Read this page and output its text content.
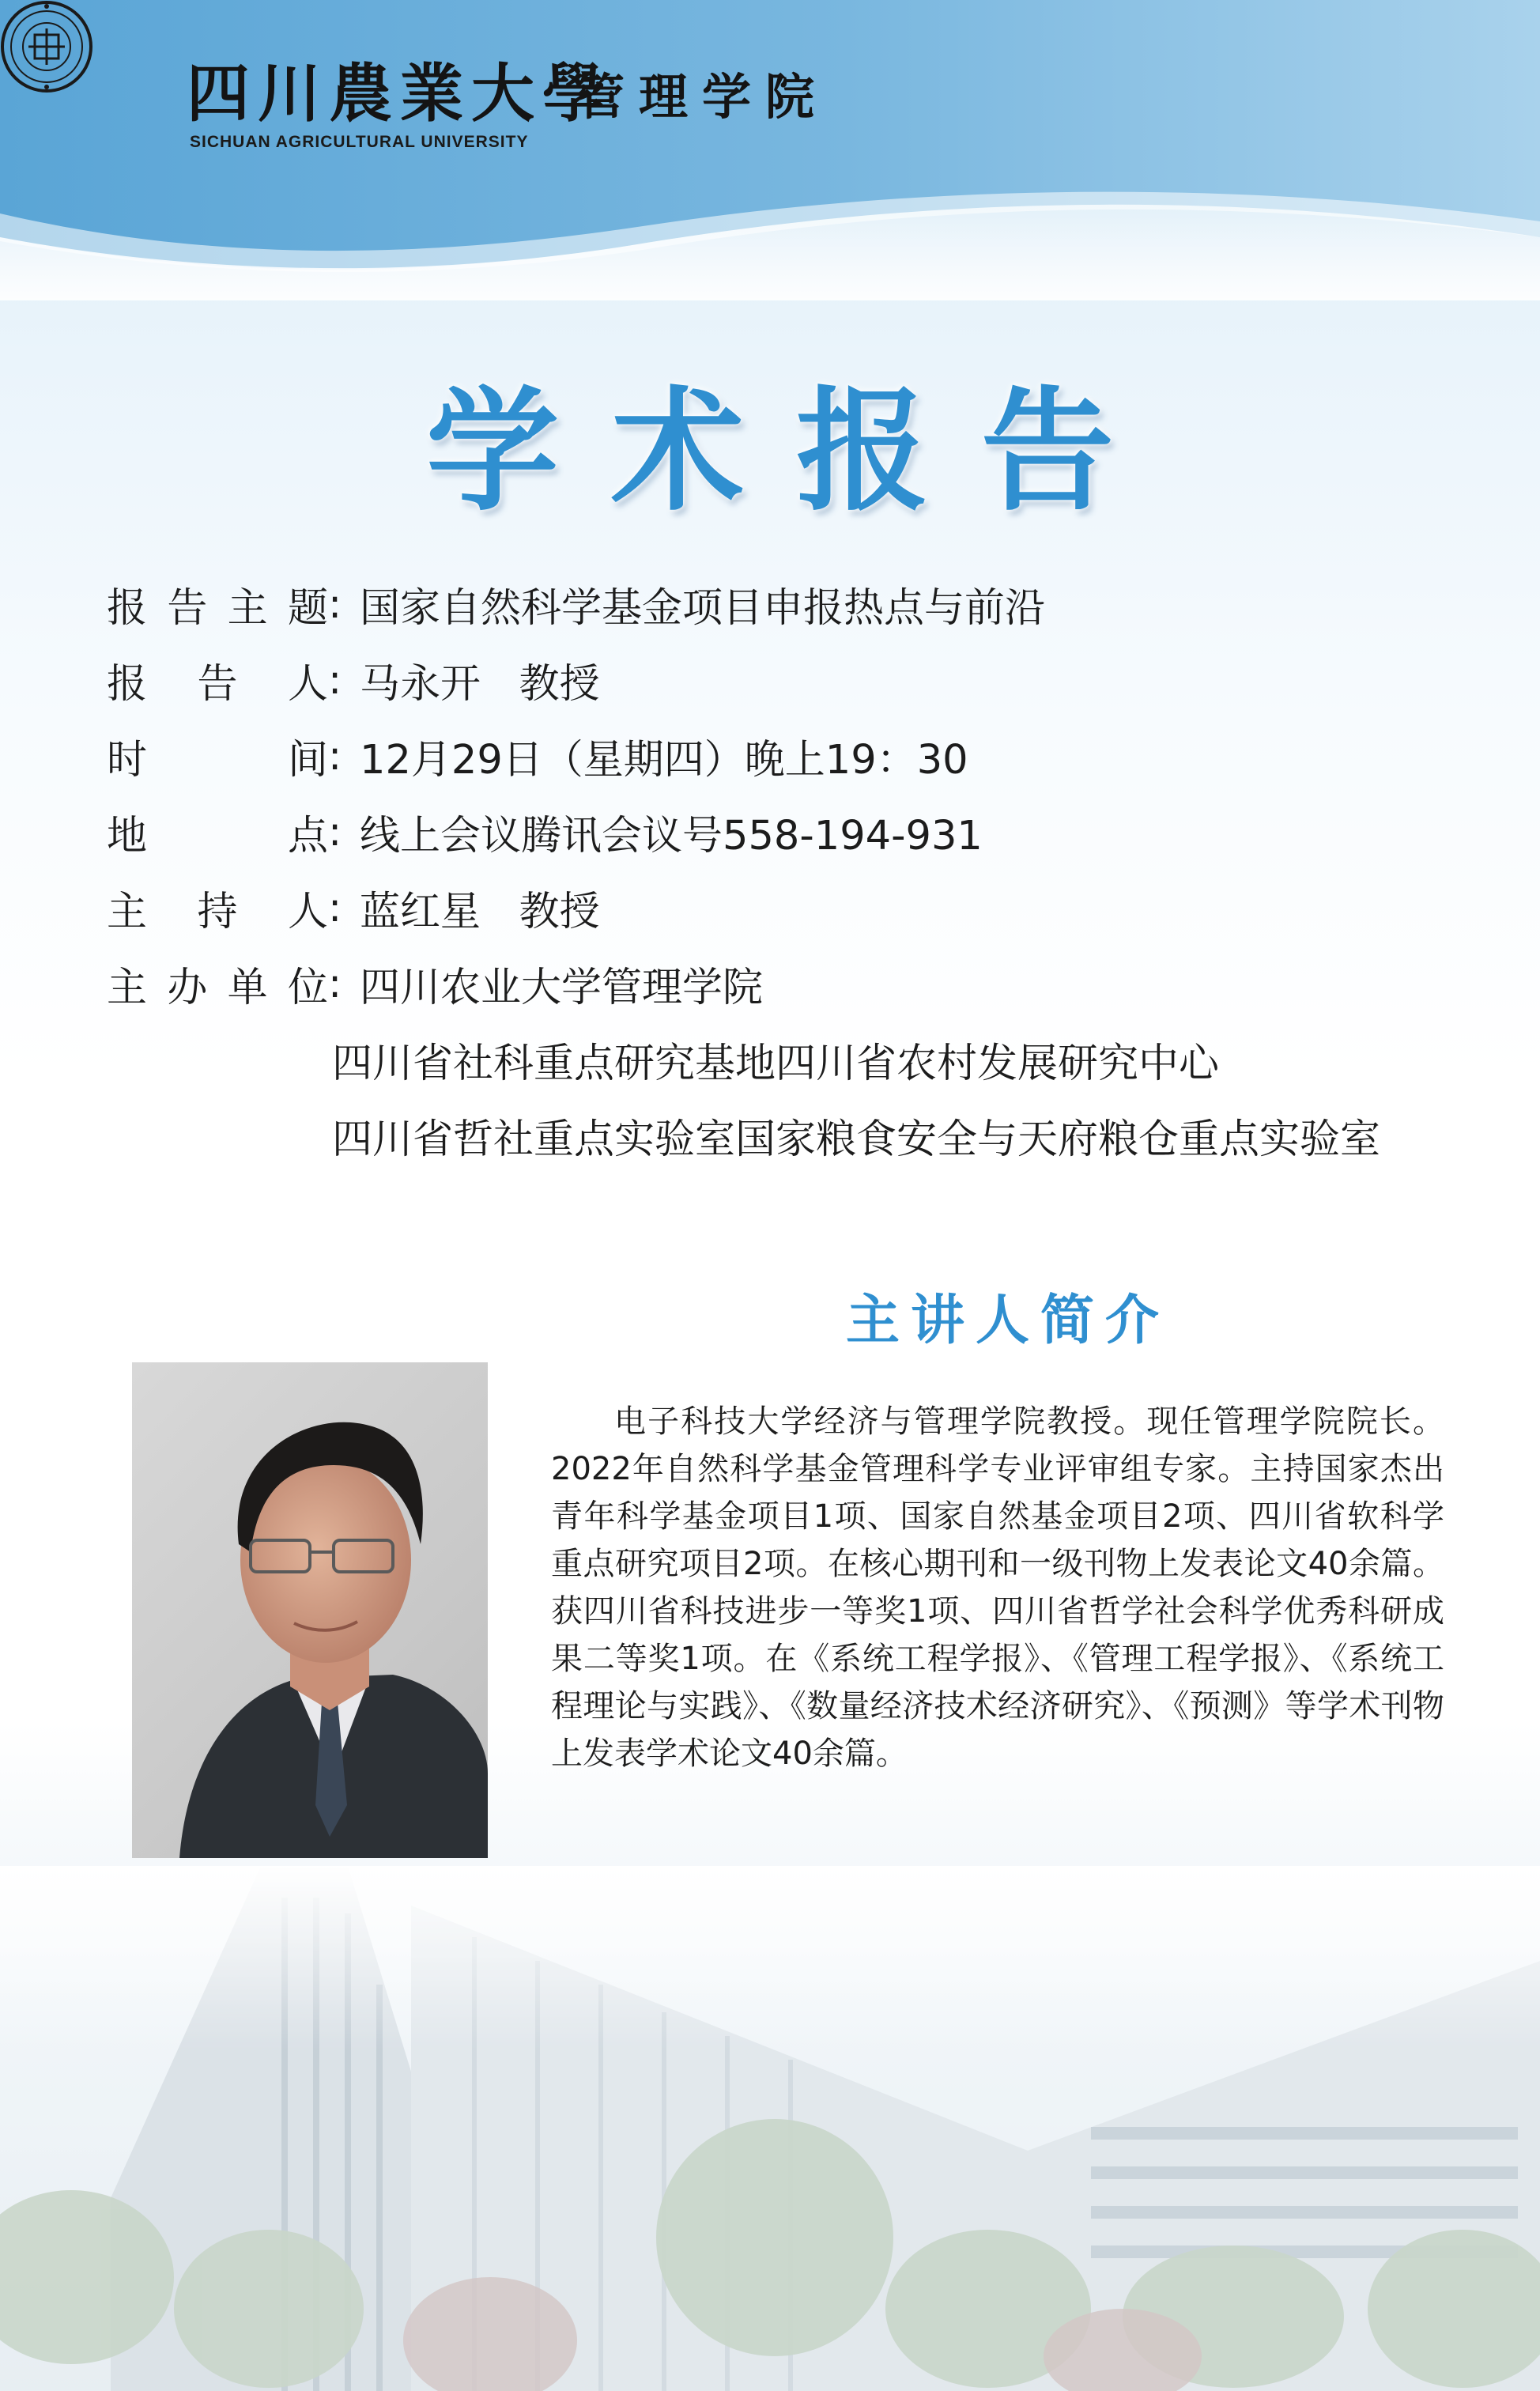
四川農業大學
SICHUAN AGRICULTURAL UNIVERSITY
管理学院
学术报告
报告主题 : 国家自然科学基金项目申报热点与前沿
报告人 : 马永开   教授
时间 : 12月29日（星期四）晚上19：30
地点 : 线上会议腾讯会议号558-194-931
主持人 : 蓝红星   教授
主办单位 : 四川农业大学管理学院
四川省社科重点研究基地四川省农村发展研究中心
四川省哲社重点实验室国家粮食安全与天府粮仓重点实验室
主讲人简介
电子科技大学经济与管理学院教授。现任管理学院院长。2022年自然科学基金管理科学专业评审组专家。主持国家杰出青年科学基金项目1项、国家自然基金项目2项、四川省软科学重点研究项目2项。在核心期刊和一级刊物上发表论文40余篇。获四川省科技进步一等奖1项、四川省哲学社会科学优秀科研成果二等奖1项。在《系统工程学报》、《管理工程学报》、《系统工程理论与实践》、《数量经济技术经济研究》、《预测》等学术刊物上发表学术论文40余篇。
